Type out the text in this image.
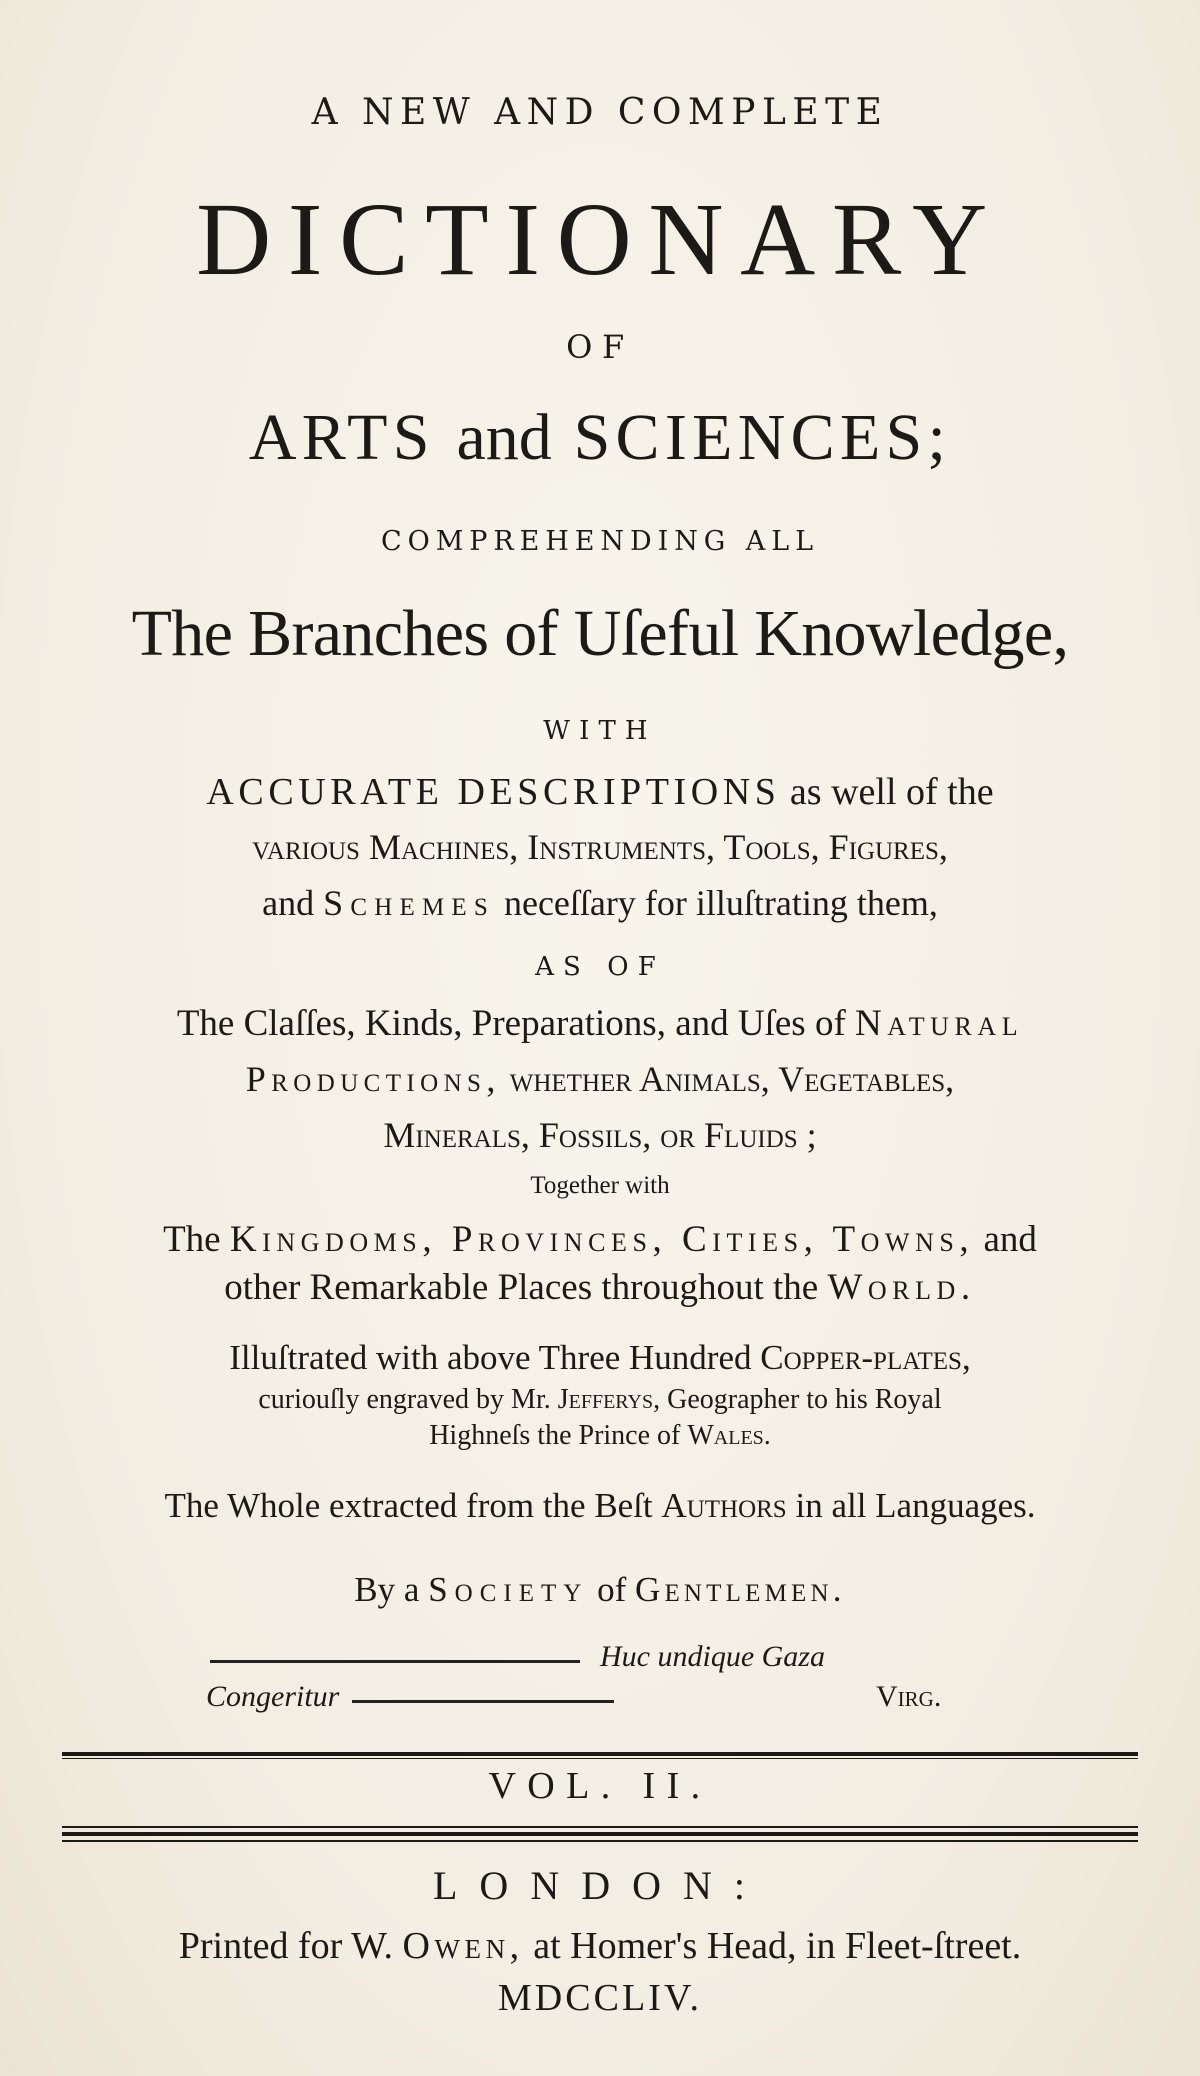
A NEW AND COMPLETE
DICTIONARY
OF
ARTS and SCIENCES;
COMPREHENDING ALL
The Branches of Uſeful Knowledge,
WITH
ACCURATE DESCRIPTIONS as well of the
various Machines, Instruments, Tools, Figures,
and Schemes neceſſary for illuſtrating them,
AS OF
The Claſſes, Kinds, Preparations, and Uſes of Natural
Productions, whether Animals, Vegetables,
Minerals, Fossils, or Fluids ;
Together with
The Kingdoms, Provinces, Cities, Towns, and
other Remarkable Places throughout the World.
Illuſtrated with above Three Hundred Copper-plates,
curiouſly engraved by Mr. Jefferys, Geographer to his Royal
Highneſs the Prince of Wales.
The Whole extracted from the Beſt Authors in all Languages.
By a Society of Gentlemen.
Huc undique Gaza
Congeritur	Virg.
VOL. II.
LONDON:
Printed for W. Owen, at Homer's Head, in Fleet-ſtreet.
MDCCLIV.
